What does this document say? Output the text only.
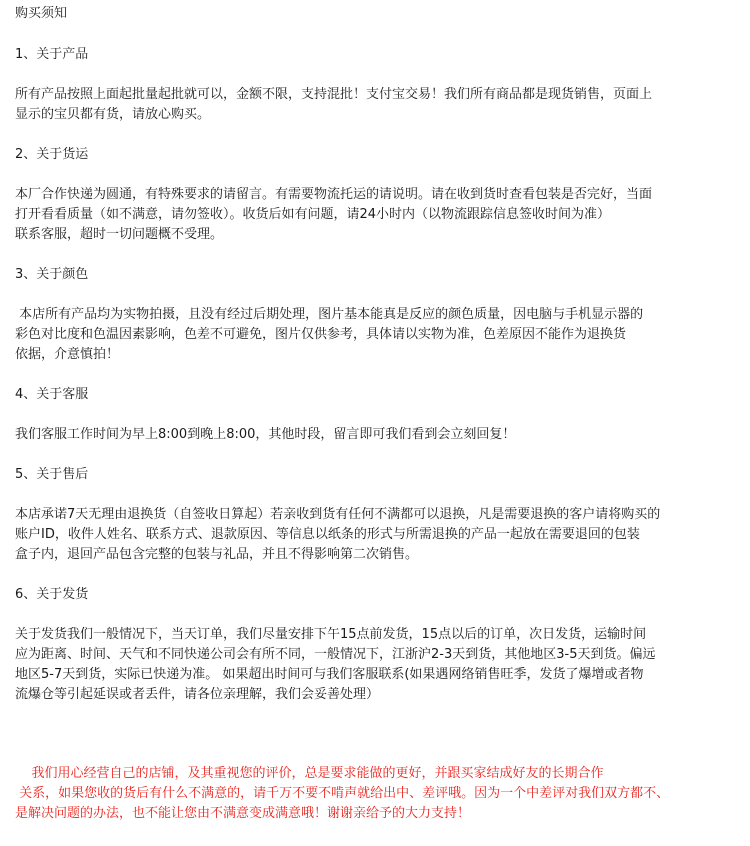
购买须知

1、关于产品

所有产品按照上面起批量起批就可以，金额不限，支持混批！支付宝交易！我们所有商品都是现货销售，页面上
显示的宝贝都有货，请放心购买。

2、关于货运

本厂合作快递为圆通，有特殊要求的请留言。有需要物流托运的请说明。请在收到货时查看包装是否完好，当面
打开看看质量（如不满意，请勿签收）。收货后如有问题，请24小时内（以物流跟踪信息签收时间为准）
联系客服，超时一切问题概不受理。

3、关于颜色

本店所有产品均为实物拍摄，且没有经过后期处理，图片基本能真是反应的颜色质量，因电脑与手机显示器的
彩色对比度和色温因素影响，色差不可避免，图片仅供参考，具体请以实物为准，色差原因不能作为退换货
依据，介意慎拍！

4、关于客服

我们客服工作时间为早上8:00到晚上8:00，其他时段，留言即可我们看到会立刻回复！

5、关于售后

本店承诺7天无理由退换货（自签收日算起）若亲收到货有任何不满都可以退换，凡是需要退换的客户请将购买的
账户ID，收件人姓名、联系方式、退款原因、等信息以纸条的形式与所需退换的产品一起放在需要退回的包装
盒子内，退回产品包含完整的包装与礼品，并且不得影响第二次销售。

6、关于发货

关于发货我们一般情况下，当天订单，我们尽量安排下午15点前发货，15点以后的订单，次日发货，运输时间
应为距离、时间、天气和不同快递公司会有所不同，一般情况下，江浙沪2-3天到货，其他地区3-5天到货。偏远
地区5-7天到货，实际已快递为准。 如果超出时间可与我们客服联系(如果遇网络销售旺季，发货了爆增或者物
流爆仓等引起延误或者丢件，请各位亲理解，我们会妥善处理）

我们用心经营自己的店铺，及其重视您的评价，总是要求能做的更好，并跟买家结成好友的长期合作
关系，如果您收的货后有什么不满意的，请千万不要不啃声就给出中、差评哦。因为一个中差评对我们双方都不、
是解决问题的办法，也不能让您由不满意变成满意哦！谢谢亲给予的大力支持！
